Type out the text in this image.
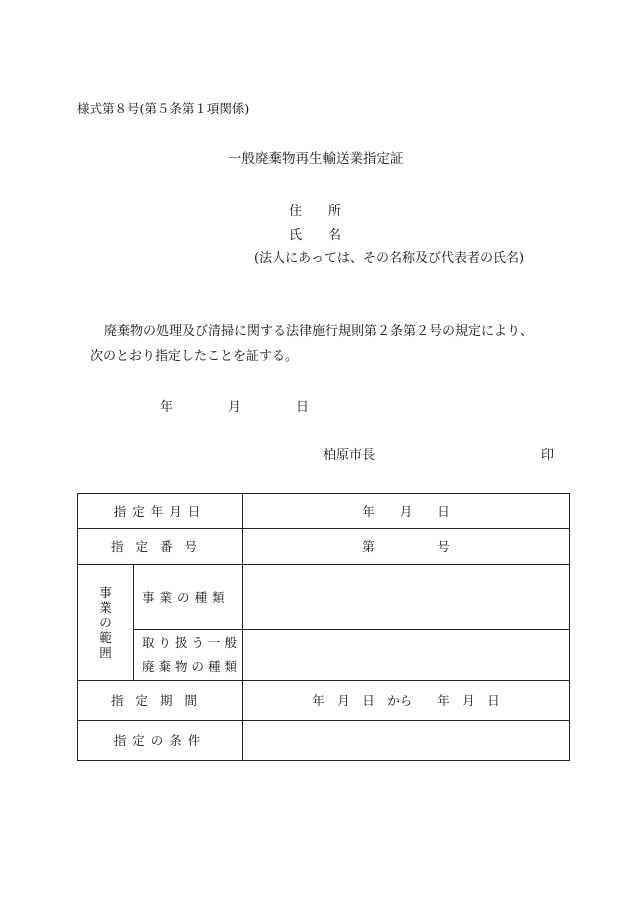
様式第８号(第５条第１項関係)
一般廃棄物再生輸送業指定証
住　　所
氏　　名
(法人にあっては、その名称及び代表者の氏名)
廃棄物の処理及び清掃に関する法律施行規則第２条第２号の規定により、
次のとおり指定したことを証する。
年	月	日
柏原市長	印
指定年月日		年　　月　　日
指定番号		第　　　　　号
事業の範囲	事業の種類	

	取り扱う一般
廃棄物の種類	

指定期間		年　月　日　から　　年　月　日
指定の条件		
